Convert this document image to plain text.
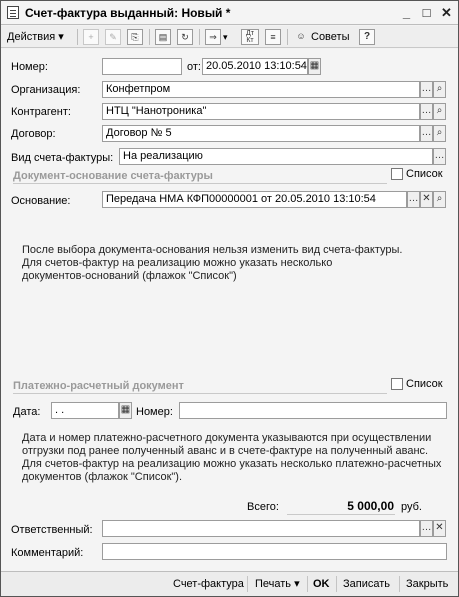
Счет-фактура выданный: Новый *	_ □ ✕
Действия ▾	+	✎	⎘	▤	↻	⇒ ▾	Дт Кт	≡	☺ Советы	?
Номер:	от: 20.05.2010 13:10:54 ▦
Организация:	Конфетпром	… ⌕
Контрагент:	НТЦ "Нанотроника"	… ⌕
Договор:	Договор № 5	… ⌕
Вид счета-фактуры: На реализацию	…
Документ-основание счета-фактуры	Список
Основание:	Передача НМА КФП00000001 от 20.05.2010 13:10:54	… ✕ ⌕
После выбора документа-основания нельзя изменить вид счета-фактуры.
Для счетов-фактур на реализацию можно указать несколько
документов-оснований (флажок "Список")
Платежно-расчетный документ	Список
Дата:	. .	▦ Номер:
Дата и номер платежно-расчетного документа указываются при осуществлении
отгрузки под ранее полученный аванс и в счете-фактуре на полученный аванс.
Для счетов-фактур на реализацию можно указать несколько платежно-расчетных
документов (флажок "Список").
Всего:	5 000,00 руб.
Ответственный:	… ✕
Комментарий:
Счет-фактура Печать ▾ OK Записать Закрыть
